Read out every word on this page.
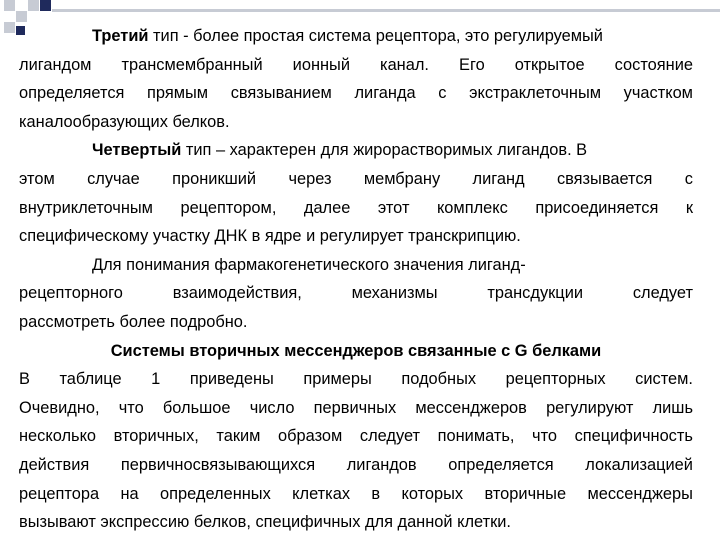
Третий тип - более простая система рецептора, это регулируемый
лигандом трансмембранный ионный канал. Его открытое состояние
определяется прямым связыванием лиганда с экстраклеточным участком
каналообразующих белков.
Четвертый тип – характерен для жирорастворимых лигандов. В
этом случае проникший через мембрану лиганд связывается с
внутриклеточным рецептором, далее этот комплекс присоединяется к
специфическому участку ДНК в ядре и регулирует транскрипцию.
Для понимания фармакогенетического значения лиганд-
рецепторного	взаимодействия,	механизмы	трансдукции	следует
рассмотреть более подробно.
Системы вторичных мессенджеров связанные с G белками
В таблице 1 приведены примеры подобных рецепторных систем.
Очевидно, что большое число первичных мессенджеров регулируют лишь
несколько вторичных, таким образом следует понимать, что специфичность
действия первичносвязывающихся лигандов определяется локализацией
рецептора на определенных клетках в которых вторичные мессенджеры
вызывают экспрессию белков, специфичных для данной клетки.
